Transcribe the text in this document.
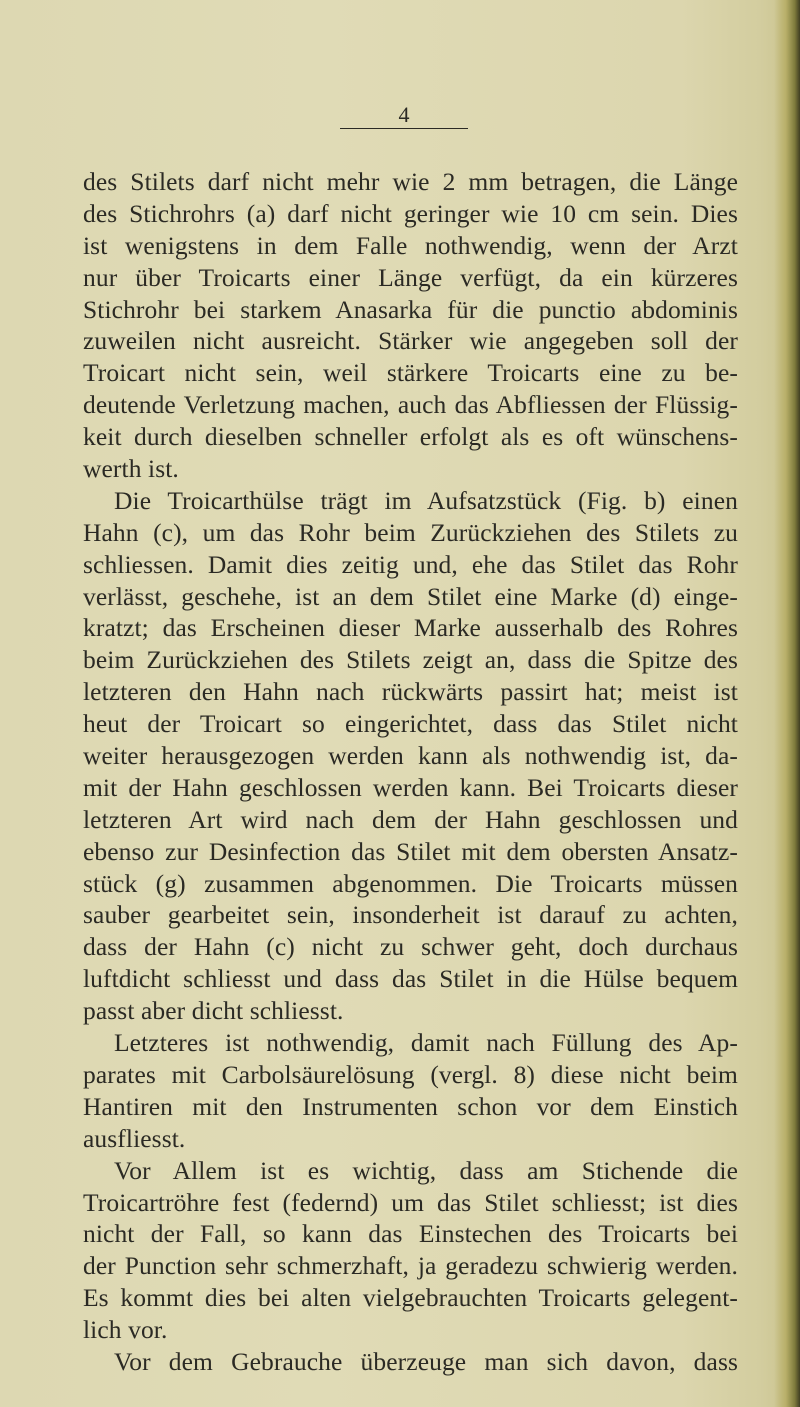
4
des Stilets darf nicht mehr wie 2 mm betragen, die Länge
des Stichrohrs (a) darf nicht geringer wie 10 cm sein. Dies
ist wenigstens in dem Falle nothwendig, wenn der Arzt
nur über Troicarts einer Länge verfügt, da ein kürzeres
Stichrohr bei starkem Anasarka für die punctio abdominis
zuweilen nicht ausreicht. Stärker wie angegeben soll der
Troicart nicht sein, weil stärkere Troicarts eine zu be-
deutende Verletzung machen, auch das Abfliessen der Flüssig-
keit durch dieselben schneller erfolgt als es oft wünschens-
werth ist.
Die Troicarthülse trägt im Aufsatzstück (Fig. b) einen
Hahn (c), um das Rohr beim Zurückziehen des Stilets zu
schliessen. Damit dies zeitig und, ehe das Stilet das Rohr
verlässt, geschehe, ist an dem Stilet eine Marke (d) einge-
kratzt; das Erscheinen dieser Marke ausserhalb des Rohres
beim Zurückziehen des Stilets zeigt an, dass die Spitze des
letzteren den Hahn nach rückwärts passirt hat; meist ist
heut der Troicart so eingerichtet, dass das Stilet nicht
weiter herausgezogen werden kann als nothwendig ist, da-
mit der Hahn geschlossen werden kann. Bei Troicarts dieser
letzteren Art wird nach dem der Hahn geschlossen und
ebenso zur Desinfection das Stilet mit dem obersten Ansatz-
stück (g) zusammen abgenommen. Die Troicarts müssen
sauber gearbeitet sein, insonderheit ist darauf zu achten,
dass der Hahn (c) nicht zu schwer geht, doch durchaus
luftdicht schliesst und dass das Stilet in die Hülse bequem
passt aber dicht schliesst.
Letzteres ist nothwendig, damit nach Füllung des Ap-
parates mit Carbolsäurelösung (vergl. 8) diese nicht beim
Hantiren mit den Instrumenten schon vor dem Einstich
ausfliesst.
Vor Allem ist es wichtig, dass am Stichende die
Troicartröhre fest (federnd) um das Stilet schliesst; ist dies
nicht der Fall, so kann das Einstechen des Troicarts bei
der Punction sehr schmerzhaft, ja geradezu schwierig werden.
Es kommt dies bei alten vielgebrauchten Troicarts gelegent-
lich vor.
Vor dem Gebrauche überzeuge man sich davon, dass
